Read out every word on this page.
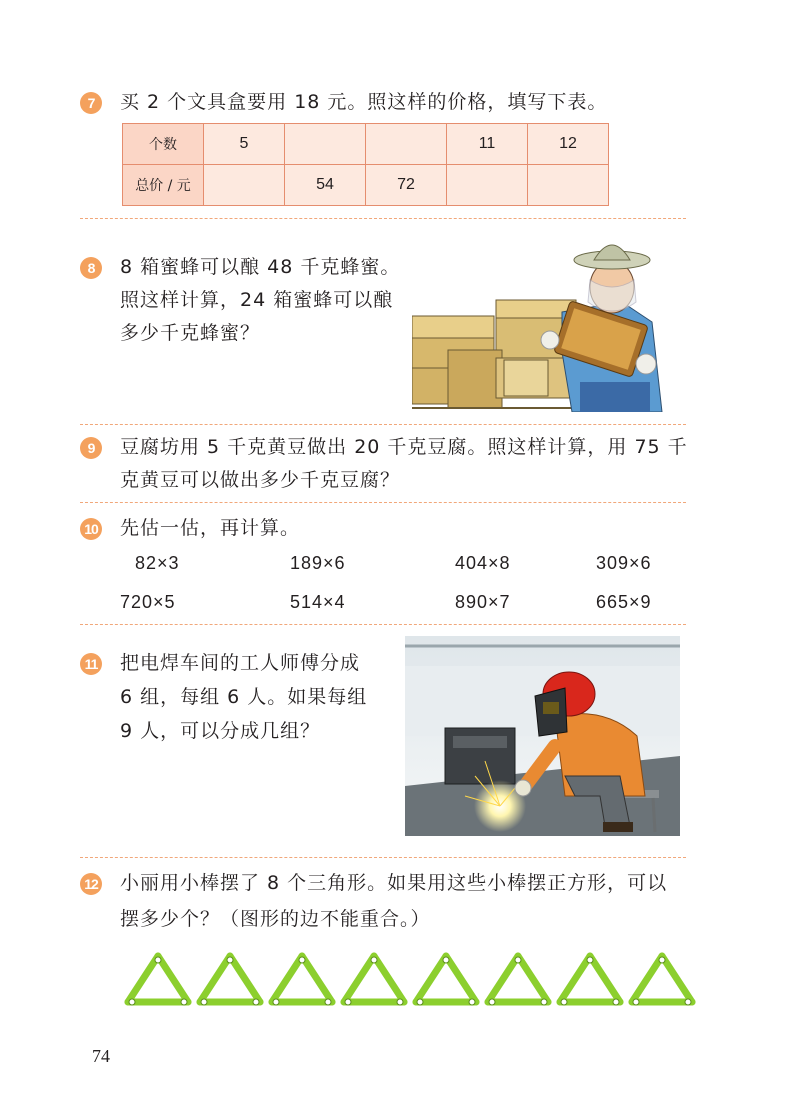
7	买 2 个文具盒要用 18 元。照这样的价格，填写下表。
个数	5			11	12
总价 / 元		54	72		
8	8 箱蜜蜂可以酿 48 千克蜂蜜。
照这样计算，24 箱蜜蜂可以酿
多少千克蜂蜜？
9	豆腐坊用 5 千克黄豆做出 20 千克豆腐。照这样计算，用 75 千
克黄豆可以做出多少千克豆腐？
10 先估一估，再计算。
82×3	189×6	404×8	309×6
720×5	514×4	890×7	665×9
11 把电焊车间的工人师傅分成
6 组，每组 6 人。如果每组
9 人，可以分成几组？
12 小丽用小棒摆了 8 个三角形。如果用这些小棒摆正方形，可以
摆多少个？（图形的边不能重合。）
74
